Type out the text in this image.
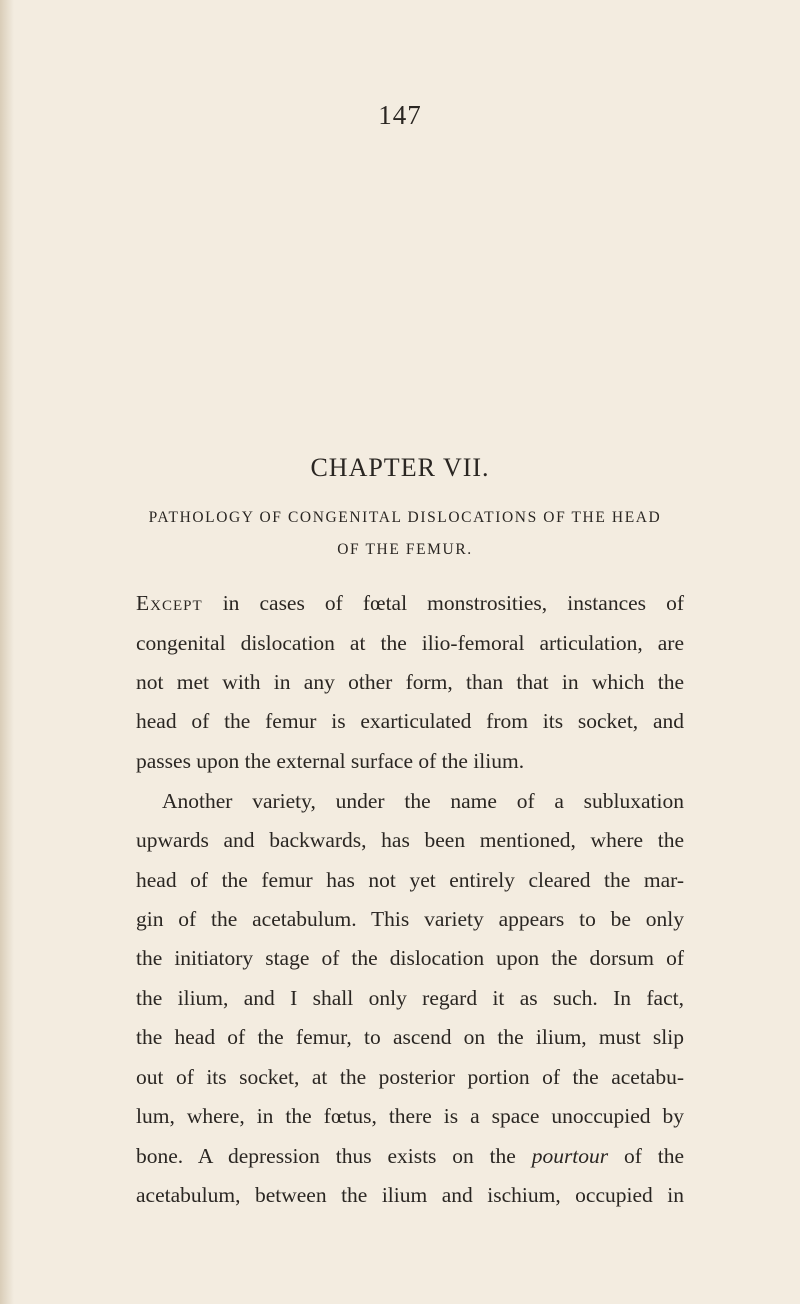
147
CHAPTER VII.
PATHOLOGY OF CONGENITAL DISLOCATIONS OF THE HEAD
OF THE FEMUR.
Except in cases of fœtal monstrosities, instances of
congenital dislocation at the ilio-femoral articulation, are
not met with in any other form, than that in which the
head of the femur is exarticulated from its socket, and
passes upon the external surface of the ilium.
Another variety, under the name of a subluxation
upwards and backwards, has been mentioned, where the
head of the femur has not yet entirely cleared the mar-
gin of the acetabulum. This variety appears to be only
the initiatory stage of the dislocation upon the dorsum of
the ilium, and I shall only regard it as such. In fact,
the head of the femur, to ascend on the ilium, must slip
out of its socket, at the posterior portion of the acetabu-
lum, where, in the fœtus, there is a space unoccupied by
bone. A depression thus exists on the pourtour of the
acetabulum, between the ilium and ischium, occupied in
